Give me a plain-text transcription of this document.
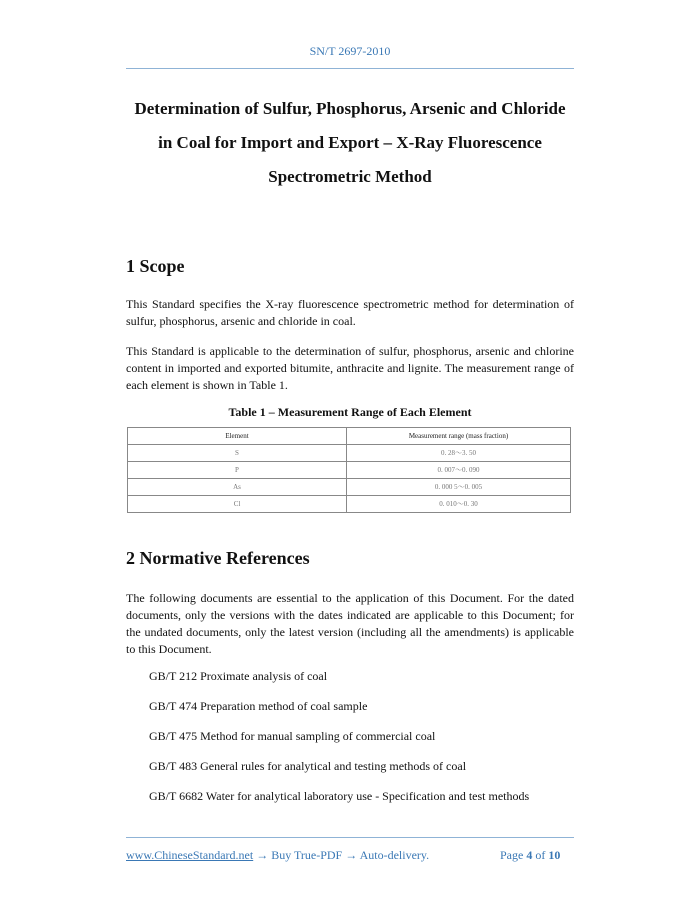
SN/T 2697-2010
Determination of Sulfur, Phosphorus, Arsenic and Chloride
in Coal for Import and Export – X-Ray Fluorescence
Spectrometric Method
1 Scope
This Standard specifies the X-ray fluorescence spectrometric method for determination of sulfur, phosphorus, arsenic and chloride in coal.
This Standard is applicable to the determination of sulfur, phosphorus, arsenic and chlorine content in imported and exported bitumite, anthracite and lignite. The measurement range of each element is shown in Table 1.
Table 1 – Measurement Range of Each Element
Element	Measurement range (mass fraction)
S	0. 28～3. 50
P	0. 007～0. 090
As	0. 000 5～0. 005
Cl	0. 010～0. 30
2 Normative References
The following documents are essential to the application of this Document. For the dated documents, only the versions with the dates indicated are applicable to this Document; for the undated documents, only the latest version (including all the amendments) is applicable to this Document.
GB/T 212 Proximate analysis of coal
GB/T 474 Preparation method of coal sample
GB/T 475 Method for manual sampling of commercial coal
GB/T 483 General rules for analytical and testing methods of coal
GB/T 6682 Water for analytical laboratory use - Specification and test methods
www.ChineseStandard.net → Buy True-PDF → Auto-delivery.	Page 4 of 10
